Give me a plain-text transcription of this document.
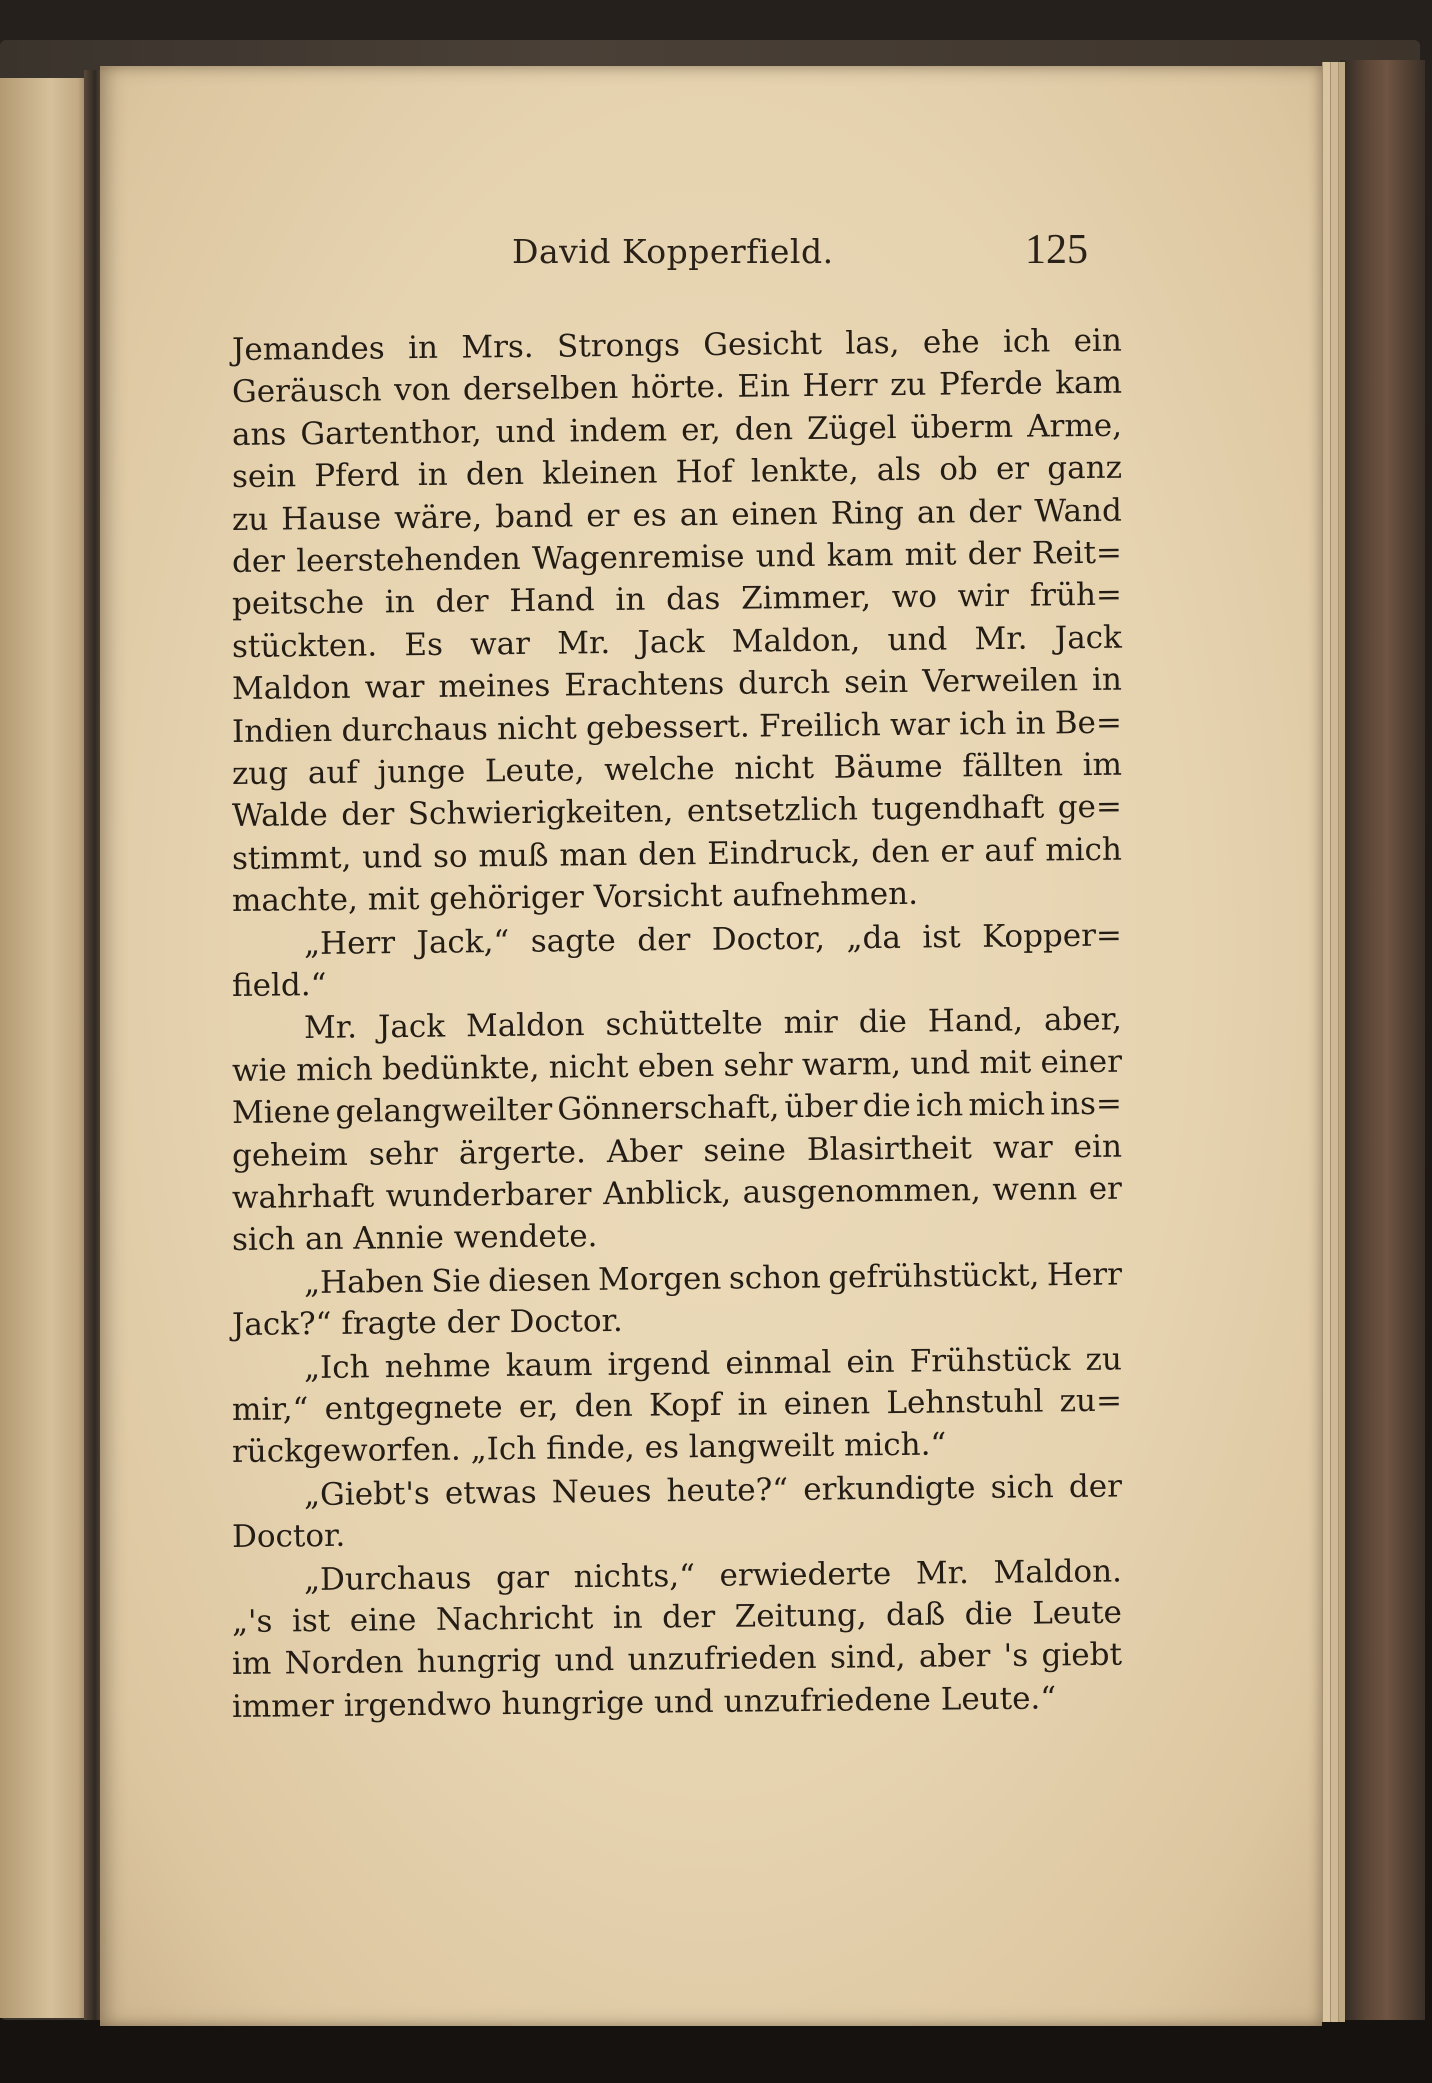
David Kopperfield.	125
Jemandes in Mrs. Strongs Gesicht las, ehe ich ein
Geräusch von derselben hörte. Ein Herr zu Pferde kam
ans Gartenthor, und indem er, den Zügel überm Arme,
sein Pferd in den kleinen Hof lenkte, als ob er ganz
zu Hause wäre, band er es an einen Ring an der Wand
der leerstehenden Wagenremise und kam mit der Reit=
peitsche in der Hand in das Zimmer, wo wir früh=
stückten. Es war Mr. Jack Maldon, und Mr. Jack
Maldon war meines Erachtens durch sein Verweilen in
Indien durchaus nicht gebessert. Freilich war ich in Be=
zug auf junge Leute, welche nicht Bäume fällten im
Walde der Schwierigkeiten, entsetzlich tugendhaft ge=
stimmt, und so muß man den Eindruck, den er auf mich
machte, mit gehöriger Vorsicht aufnehmen.
„Herr Jack,“ sagte der Doctor, „da ist Kopper=
field.“
Mr. Jack Maldon schüttelte mir die Hand, aber,
wie mich bedünkte, nicht eben sehr warm, und mit einer
Miene gelangweilter Gönnerschaft, über die ich mich ins=
geheim sehr ärgerte. Aber seine Blasirtheit war ein
wahrhaft wunderbarer Anblick, ausgenommen, wenn er
sich an Annie wendete.
„Haben Sie diesen Morgen schon gefrühstückt, Herr
Jack?“ fragte der Doctor.
„Ich nehme kaum irgend einmal ein Frühstück zu
mir,“ entgegnete er, den Kopf in einen Lehnstuhl zu=
rückgeworfen. „Ich finde, es langweilt mich.“
„Giebt's etwas Neues heute?“ erkundigte sich der
Doctor.
„Durchaus gar nichts,“ erwiederte Mr. Maldon.
„'s ist eine Nachricht in der Zeitung, daß die Leute
im Norden hungrig und unzufrieden sind, aber 's giebt
immer irgendwo hungrige und unzufriedene Leute.“
